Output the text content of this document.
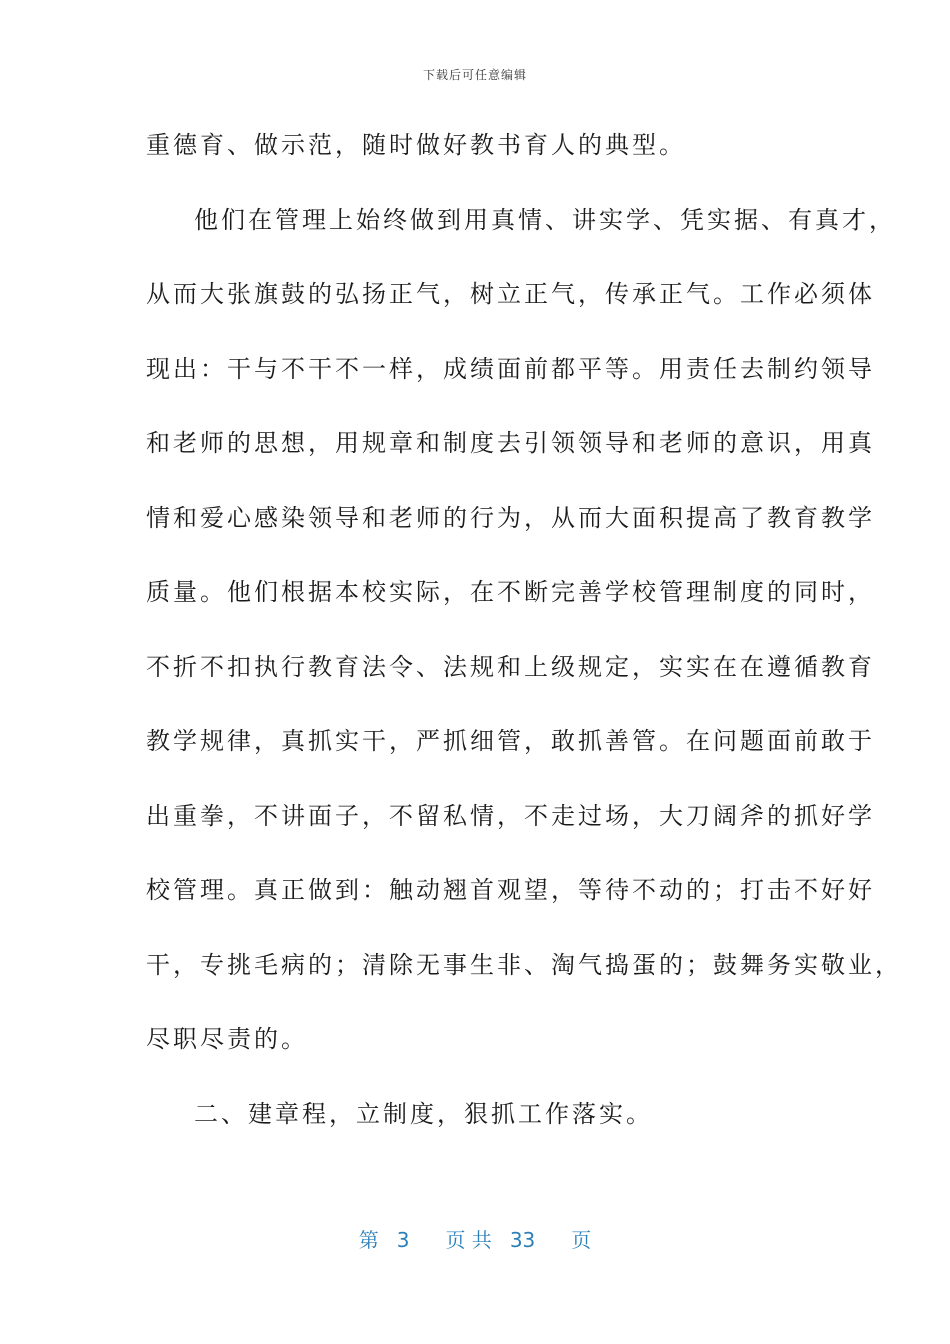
下载后可任意编辑
重德育、做示范，随时做好教书育人的典型。
他们在管理上始终做到用真情、讲实学、凭实据、有真才，
从而大张旗鼓的弘扬正气，树立正气，传承正气。工作必须体
现出：干与不干不一样，成绩面前都平等。用责任去制约领导
和老师的思想，用规章和制度去引领领导和老师的意识，用真
情和爱心感染领导和老师的行为，从而大面积提高了教育教学
质量。他们根据本校实际，在不断完善学校管理制度的同时，
不折不扣执行教育法令、法规和上级规定，实实在在遵循教育
教学规律，真抓实干，严抓细管，敢抓善管。在问题面前敢于
出重拳，不讲面子，不留私情，不走过场，大刀阔斧的抓好学
校管理。真正做到：触动翘首观望，等待不动的；打击不好好
干，专挑毛病的；清除无事生非、淘气捣蛋的；鼓舞务实敬业，
尽职尽责的。
二、建章程，立制度，狠抓工作落实。
第 3 页 共 33 页
